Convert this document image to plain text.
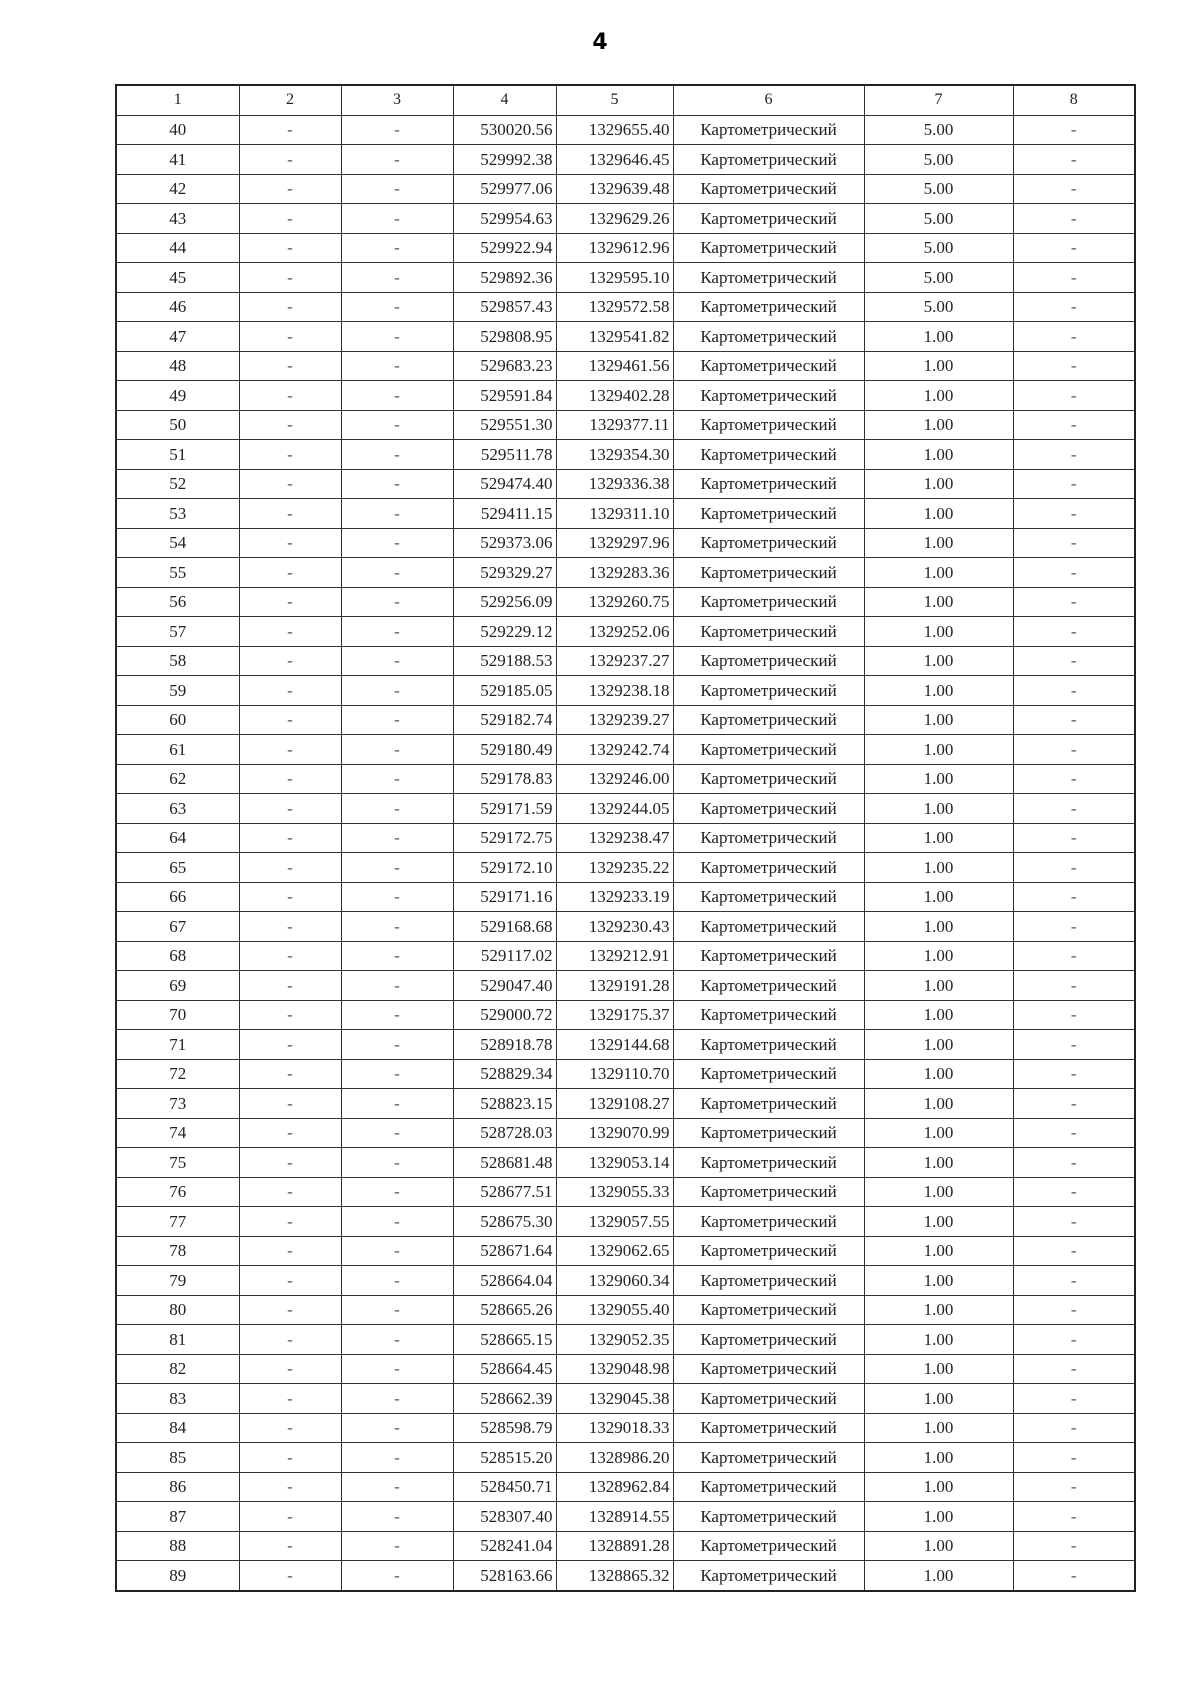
4
1	2	3	4	5	6	7	8
40	-	-	530020.56	1329655.40	Картометрический	5.00	-
41	-	-	529992.38	1329646.45	Картометрический	5.00	-
42	-	-	529977.06	1329639.48	Картометрический	5.00	-
43	-	-	529954.63	1329629.26	Картометрический	5.00	-
44	-	-	529922.94	1329612.96	Картометрический	5.00	-
45	-	-	529892.36	1329595.10	Картометрический	5.00	-
46	-	-	529857.43	1329572.58	Картометрический	5.00	-
47	-	-	529808.95	1329541.82	Картометрический	1.00	-
48	-	-	529683.23	1329461.56	Картометрический	1.00	-
49	-	-	529591.84	1329402.28	Картометрический	1.00	-
50	-	-	529551.30	1329377.11	Картометрический	1.00	-
51	-	-	529511.78	1329354.30	Картометрический	1.00	-
52	-	-	529474.40	1329336.38	Картометрический	1.00	-
53	-	-	529411.15	1329311.10	Картометрический	1.00	-
54	-	-	529373.06	1329297.96	Картометрический	1.00	-
55	-	-	529329.27	1329283.36	Картометрический	1.00	-
56	-	-	529256.09	1329260.75	Картометрический	1.00	-
57	-	-	529229.12	1329252.06	Картометрический	1.00	-
58	-	-	529188.53	1329237.27	Картометрический	1.00	-
59	-	-	529185.05	1329238.18	Картометрический	1.00	-
60	-	-	529182.74	1329239.27	Картометрический	1.00	-
61	-	-	529180.49	1329242.74	Картометрический	1.00	-
62	-	-	529178.83	1329246.00	Картометрический	1.00	-
63	-	-	529171.59	1329244.05	Картометрический	1.00	-
64	-	-	529172.75	1329238.47	Картометрический	1.00	-
65	-	-	529172.10	1329235.22	Картометрический	1.00	-
66	-	-	529171.16	1329233.19	Картометрический	1.00	-
67	-	-	529168.68	1329230.43	Картометрический	1.00	-
68	-	-	529117.02	1329212.91	Картометрический	1.00	-
69	-	-	529047.40	1329191.28	Картометрический	1.00	-
70	-	-	529000.72	1329175.37	Картометрический	1.00	-
71	-	-	528918.78	1329144.68	Картометрический	1.00	-
72	-	-	528829.34	1329110.70	Картометрический	1.00	-
73	-	-	528823.15	1329108.27	Картометрический	1.00	-
74	-	-	528728.03	1329070.99	Картометрический	1.00	-
75	-	-	528681.48	1329053.14	Картометрический	1.00	-
76	-	-	528677.51	1329055.33	Картометрический	1.00	-
77	-	-	528675.30	1329057.55	Картометрический	1.00	-
78	-	-	528671.64	1329062.65	Картометрический	1.00	-
79	-	-	528664.04	1329060.34	Картометрический	1.00	-
80	-	-	528665.26	1329055.40	Картометрический	1.00	-
81	-	-	528665.15	1329052.35	Картометрический	1.00	-
82	-	-	528664.45	1329048.98	Картометрический	1.00	-
83	-	-	528662.39	1329045.38	Картометрический	1.00	-
84	-	-	528598.79	1329018.33	Картометрический	1.00	-
85	-	-	528515.20	1328986.20	Картометрический	1.00	-
86	-	-	528450.71	1328962.84	Картометрический	1.00	-
87	-	-	528307.40	1328914.55	Картометрический	1.00	-
88	-	-	528241.04	1328891.28	Картометрический	1.00	-
89	-	-	528163.66	1328865.32	Картометрический	1.00	-
